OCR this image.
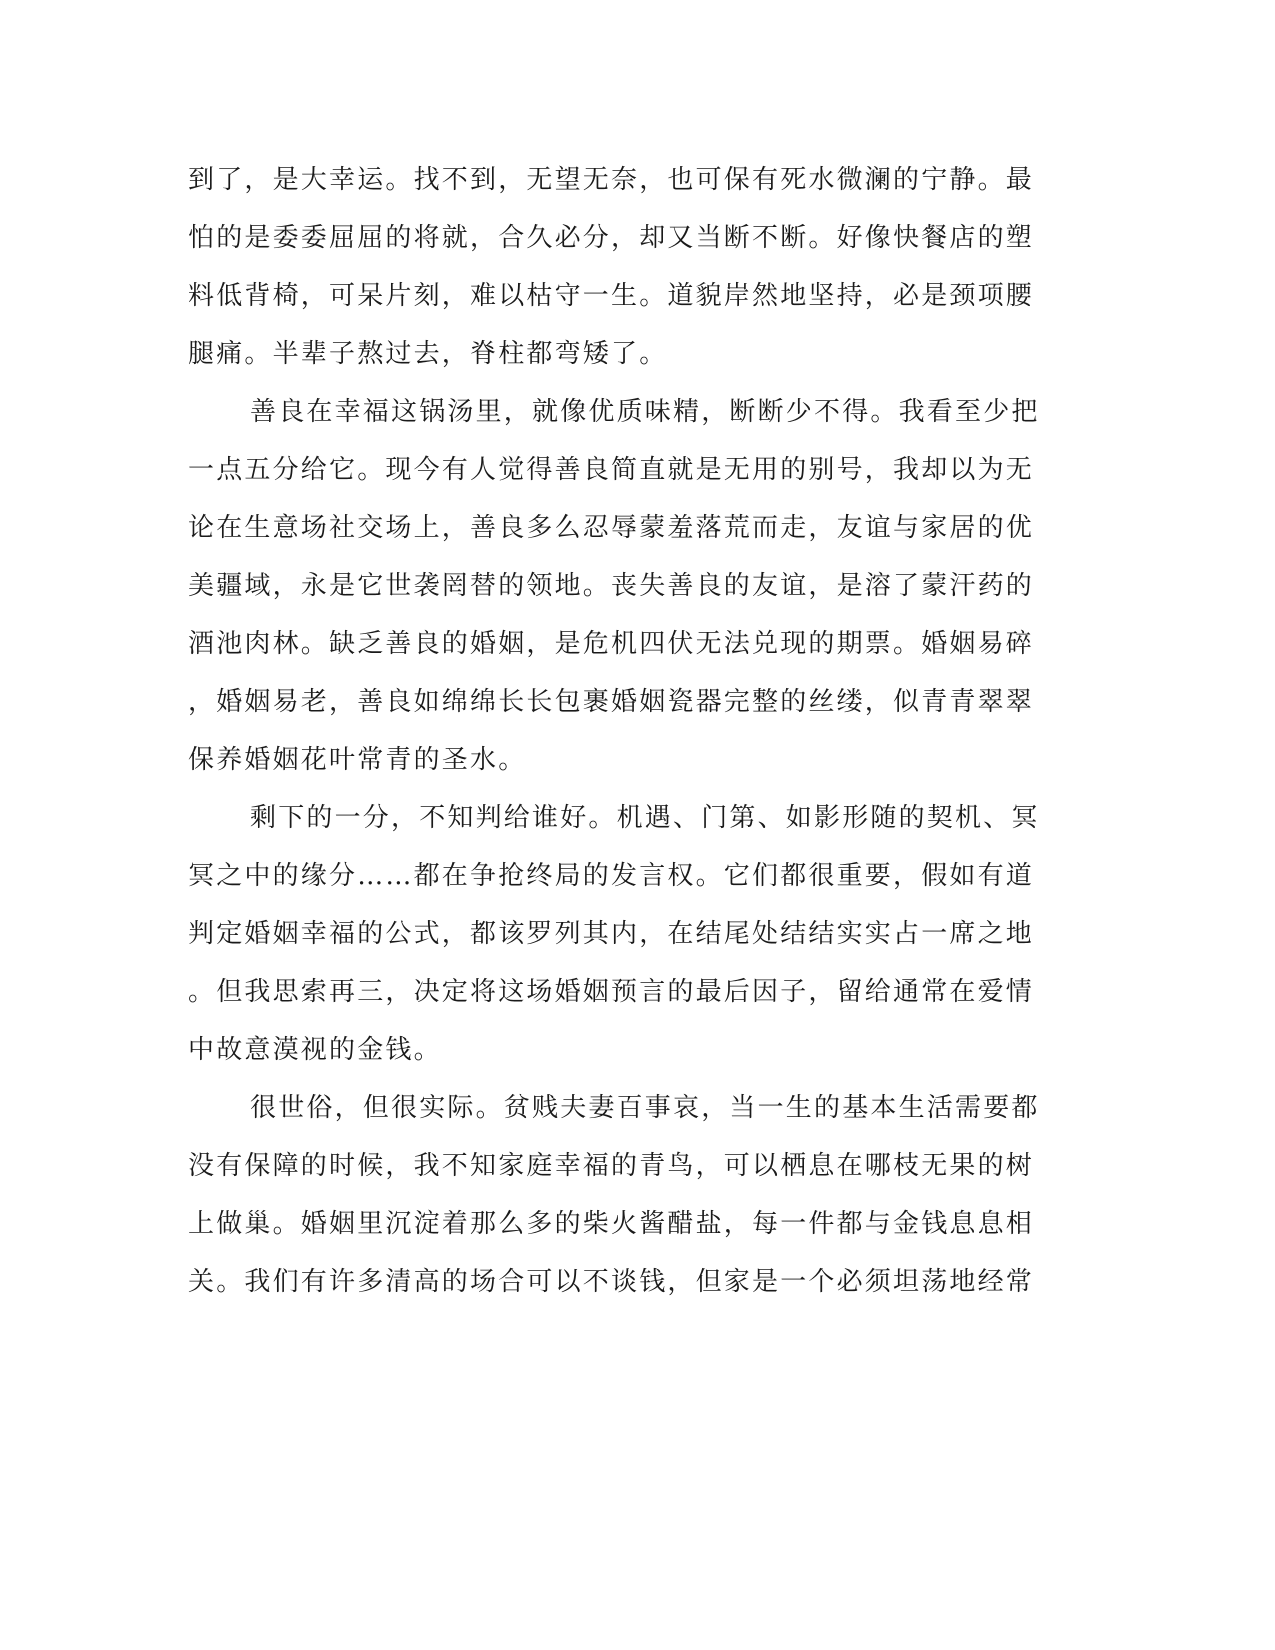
到了，是大幸运。找不到，无望无奈，也可保有死水微澜的宁静。最
怕的是委委屈屈的将就，合久必分，却又当断不断。好像快餐店的塑
料低背椅，可呆片刻，难以枯守一生。道貌岸然地坚持，必是颈项腰
腿痛。半辈子熬过去，脊柱都弯矮了。
善良在幸福这锅汤里，就像优质味精，断断少不得。我看至少把
一点五分给它。现今有人觉得善良简直就是无用的别号，我却以为无
论在生意场社交场上，善良多么忍辱蒙羞落荒而走，友谊与家居的优
美疆域，永是它世袭罔替的领地。丧失善良的友谊，是溶了蒙汗药的
酒池肉林。缺乏善良的婚姻，是危机四伏无法兑现的期票。婚姻易碎
，婚姻易老，善良如绵绵长长包裹婚姻瓷器完整的丝缕，似青青翠翠
保养婚姻花叶常青的圣水。
剩下的一分，不知判给谁好。机遇、门第、如影形随的契机、冥
冥之中的缘分……都在争抢终局的发言权。它们都很重要，假如有道
判定婚姻幸福的公式，都该罗列其内，在结尾处结结实实占一席之地
。但我思索再三，决定将这场婚姻预言的最后因子，留给通常在爱情
中故意漠视的金钱。
很世俗，但很实际。贫贱夫妻百事哀，当一生的基本生活需要都
没有保障的时候，我不知家庭幸福的青鸟，可以栖息在哪枝无果的树
上做巢。婚姻里沉淀着那么多的柴火酱醋盐，每一件都与金钱息息相
关。我们有许多清高的场合可以不谈钱，但家是一个必须坦荡地经常
